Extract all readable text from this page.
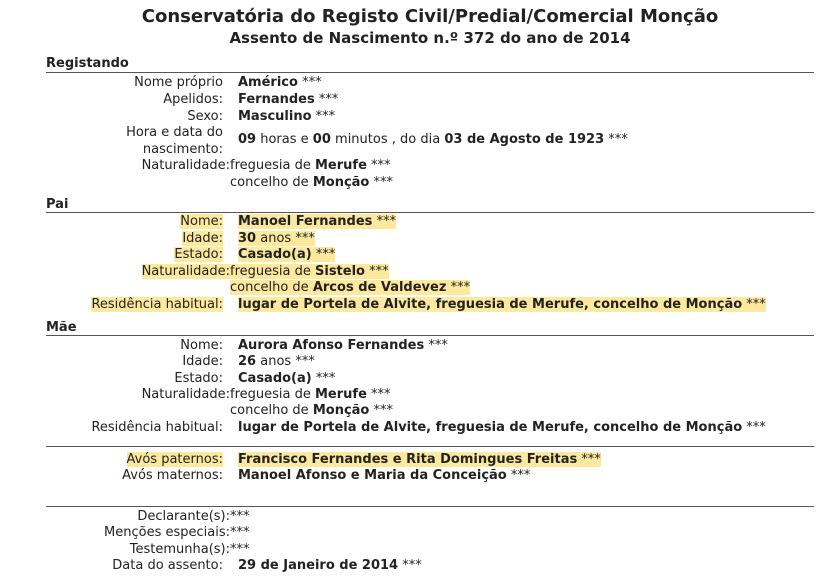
Conservatória do Registo Civil/Predial/Comercial Monção
Assento de Nascimento n.º 372 do ano de 2014
Registando
Nome próprio Américo ***
Apelidos: Fernandes ***
Sexo: Masculino ***
Hora e data do
nascimento:
09 horas e 00 minutos , do dia 03 de Agosto de 1923 ***
Naturalidade: freguesia de Merufe ***
concelho de Monção ***
Pai
Nome: Manoel Fernandes ***
Idade: 30 anos ***
Estado: Casado(a) ***
Naturalidade: freguesia de Sistelo ***
concelho de Arcos de Valdevez ***
Residência habitual: lugar de Portela de Alvite, freguesia de Merufe, concelho de Monção ***
Mãe
Nome: Aurora Afonso Fernandes ***
Idade: 26 anos ***
Estado: Casado(a) ***
Naturalidade: freguesia de Merufe ***
concelho de Monção ***
Residência habitual: lugar de Portela de Alvite, freguesia de Merufe, concelho de Monção ***
Avós paternos: Francisco Fernandes e Rita Domingues Freitas ***
Avós maternos: Manoel Afonso e Maria da Conceição ***
Declarante(s): ***
Menções especiais: ***
Testemunha(s): ***
Data do assento: 29 de Janeiro de 2014 ***
